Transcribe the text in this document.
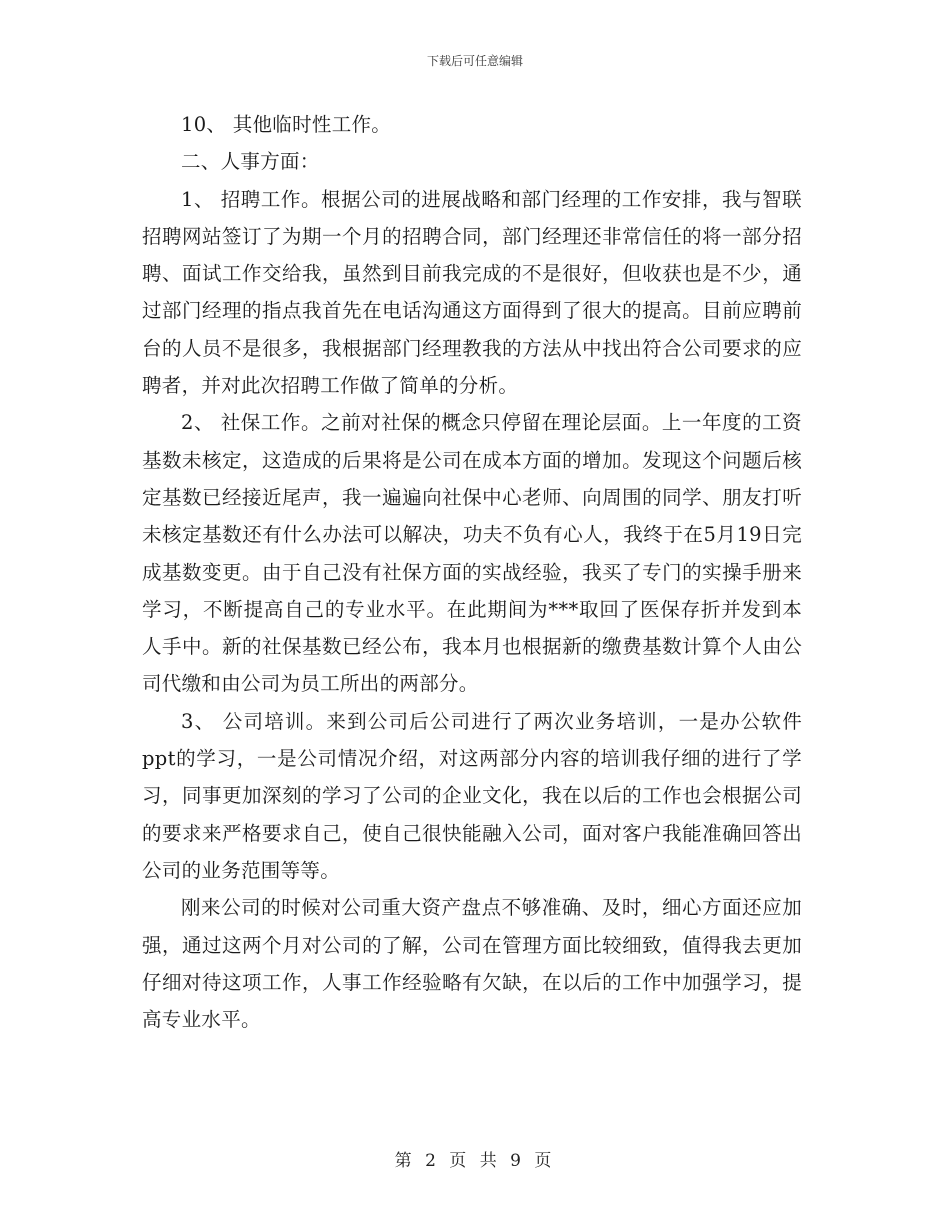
下载后可任意编辑

10、 其他临时性工作。

二、人事方面：

1、 招聘工作。根据公司的进展战略和部门经理的工作安排，我与智联招聘网站签订了为期一个月的招聘合同，部门经理还非常信任的将一部分招聘、面试工作交给我，虽然到目前我完成的不是很好，但收获也是不少，通过部门经理的指点我首先在电话沟通这方面得到了很大的提高。目前应聘前台的人员不是很多，我根据部门经理教我的方法从中找出符合公司要求的应聘者，并对此次招聘工作做了简单的分析。

2、 社保工作。之前对社保的概念只停留在理论层面。上一年度的工资基数未核定，这造成的后果将是公司在成本方面的增加。发现这个问题后核定基数已经接近尾声，我一遍遍向社保中心老师、向周围的同学、朋友打听未核定基数还有什么办法可以解决，功夫不负有心人，我终于在5月19日完成基数变更。由于自己没有社保方面的实战经验，我买了专门的实操手册来学习，不断提高自己的专业水平。在此期间为***取回了医保存折并发到本人手中。新的社保基数已经公布，我本月也根据新的缴费基数计算个人由公司代缴和由公司为员工所出的两部分。

3、 公司培训。来到公司后公司进行了两次业务培训，一是办公软件ppt的学习，一是公司情况介绍，对这两部分内容的培训我仔细的进行了学习，同事更加深刻的学习了公司的企业文化，我在以后的工作也会根据公司的要求来严格要求自己，使自己很快能融入公司，面对客户我能准确回答出公司的业务范围等等。

刚来公司的时候对公司重大资产盘点不够准确、及时，细心方面还应加强，通过这两个月对公司的了解，公司在管理方面比较细致，值得我去更加仔细对待这项工作，人事工作经验略有欠缺，在以后的工作中加强学习，提高专业水平。

第 2 页 共 9 页
